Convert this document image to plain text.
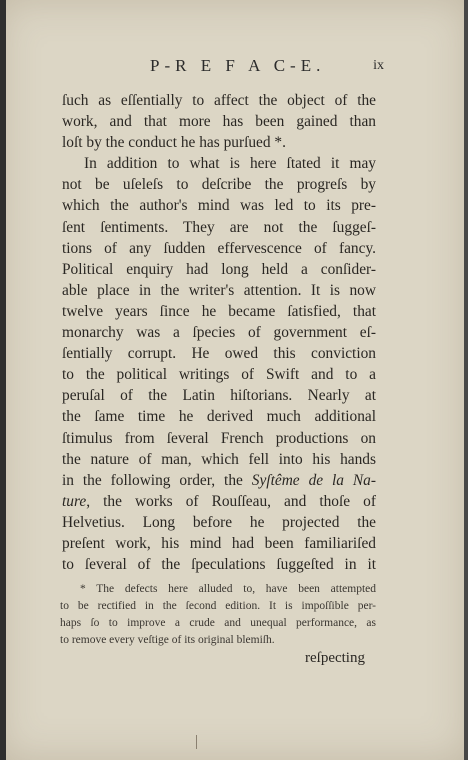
P-R E F A C-E.	ix
ſuch as eſſentially to affect the object of the
work, and that more has been gained than
loſt by the conduct he has purſued *.
In addition to what is here ſtated it may
not be uſeleſs to deſcribe the progreſs by
which the author's mind was led to its pre-
ſent ſentiments. They are not the ſuggeſ-
tions of any ſudden effervescence of fancy.
Political enquiry had long held a conſider-
able place in the writer's attention. It is now
twelve years ſince he became ſatisfied, that
monarchy was a ſpecies of government eſ-
ſentially corrupt. He owed this conviction
to the political writings of Swift and to a
peruſal of the Latin hiſtorians. Nearly at
the ſame time he derived much additional
ſtimulus from ſeveral French productions on
the nature of man, which fell into his hands
in the following order, the Syſtême de la Na-
ture, the works of Rouſſeau, and thoſe of
Helvetius. Long before he projected the
preſent work, his mind had been familiariſed
to ſeveral of the ſpeculations ſuggeſted in it
* The defects here alluded to, have been attempted
to be rectified in the ſecond edition. It is impoſſible per-
haps ſo to improve a crude and unequal performance, as
to remove every veſtige of its original blemiſh.
reſpecting
